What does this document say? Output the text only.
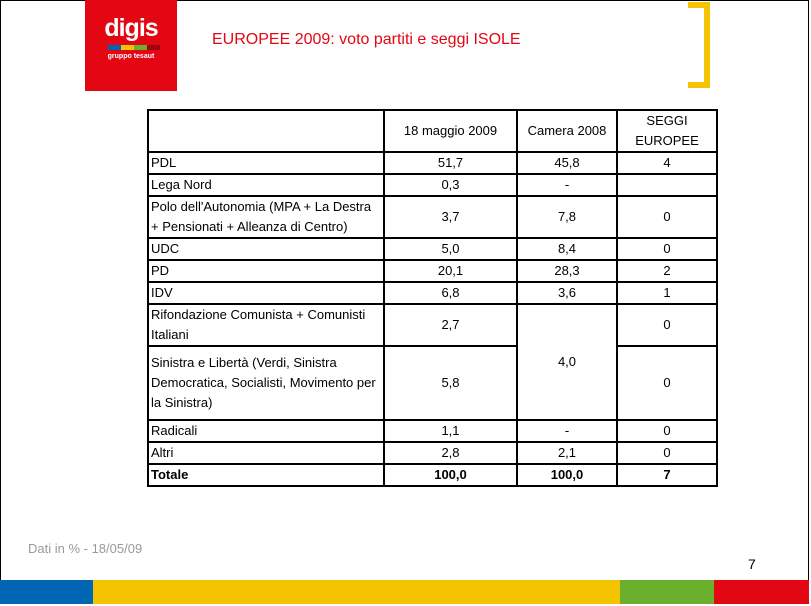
digis
gruppo tesaut
EUROPEE 2009: voto partiti e seggi ISOLE
	18 maggio 2009	Camera 2008	SEGGI EUROPEE
PDL	51,7	45,8	4
Lega Nord	0,3	-	
Polo dell'Autonomia (MPA + La Destra + Pensionati + Alleanza di Centro)	3,7	7,8	0
UDC	5,0	8,4	0
PD	20,1	28,3	2
IDV	6,8	3,6	1
Rifondazione Comunista + Comunisti Italiani	2,7	4,0	0
Sinistra e Libertà (Verdi, Sinistra Democratica, Socialisti, Movimento per la Sinistra)	5,8		0
Radicali	1,1	-	0
Altri	2,8	2,1	0
Totale	100,0	100,0	7
Dati in % - 18/05/09
7
